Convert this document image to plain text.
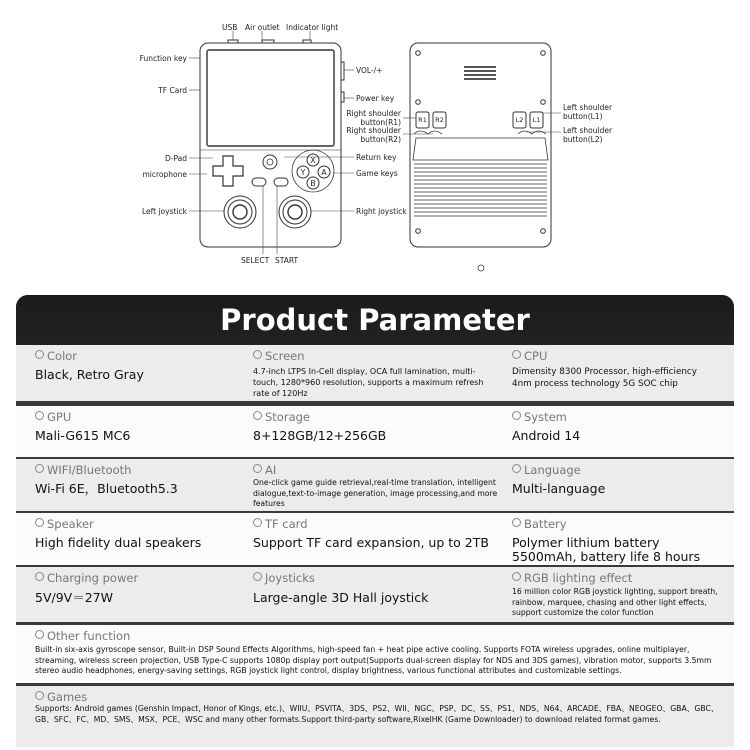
X
Y	A
B
R1	R2	L2	L1
USB Air outlet Indicator light
Function key
TF Card
VOL-/+
Power key
D-Pad	Return key
microphone	Game keys
Left joystick	Right joystick
SELECT START
Right shoulder button(R1)
Right shoulder button(R2)
Left shoulder button(L1)
Left shoulder button(L2)
Product Parameter
Color
Black, Retro Gray
Screen
4.7-inch LTPS In-Cell display, OCA full lamination, multi-touch, 1280*960 resolution, supports a maximum refresh rate of 120Hz
CPU
Dimensity 8300 Processor, high-efficiency 4nm process technology 5G SOC chip
GPU
Mali-G615 MC6
Storage
8+128GB/12+256GB
System
Android 14
WIFI/Bluetooth
Wi-Fi 6E，Bluetooth5.3
AI
One-click game guide retrieval,real-time translation, intelligent dialogue,text-to-image generation, image processing,and more features
Language
Multi-language
Speaker
High fidelity dual speakers
TF card
Support TF card expansion, up to 2TB
Battery
Polymer lithium battery 5500mAh, battery life 8 hours
Charging power
5V/9V＝27W
Joysticks
Large-angle 3D Hall joystick
RGB lighting effect
16 million color RGB joystick lighting, support breath, rainbow, marquee, chasing and other light effects, support customize the color function
Other function
Built-in six-axis gyroscope sensor, Built-in DSP Sound Effects Algorithms, high-speed fan + heat pipe active cooling. Supports FOTA wireless upgrades, online multiplayer, streaming, wireless screen projection, USB Type-C supports 1080p display port output(Supports dual-screen display for NDS and 3DS games), vibration motor, supports 3.5mm stereo audio headphones, energy-saving settings, RGB joystick light control, display brightness, various functional attributes and customizable settings.
Games
Supports: Android games (Genshin Impact, Honor of Kings, etc.)、WIIU、PSVITA、3DS、PS2、WII、NGC、PSP、DC、SS、PS1、NDS、N64、ARCADE、FBA、NEOGEO、GBA、GBC、GB、SFC、FC、MD、SMS、MSX、PCE、WSC and many other formats.Support third-party software,RixelHK (Game Downloader) to download related format games.
